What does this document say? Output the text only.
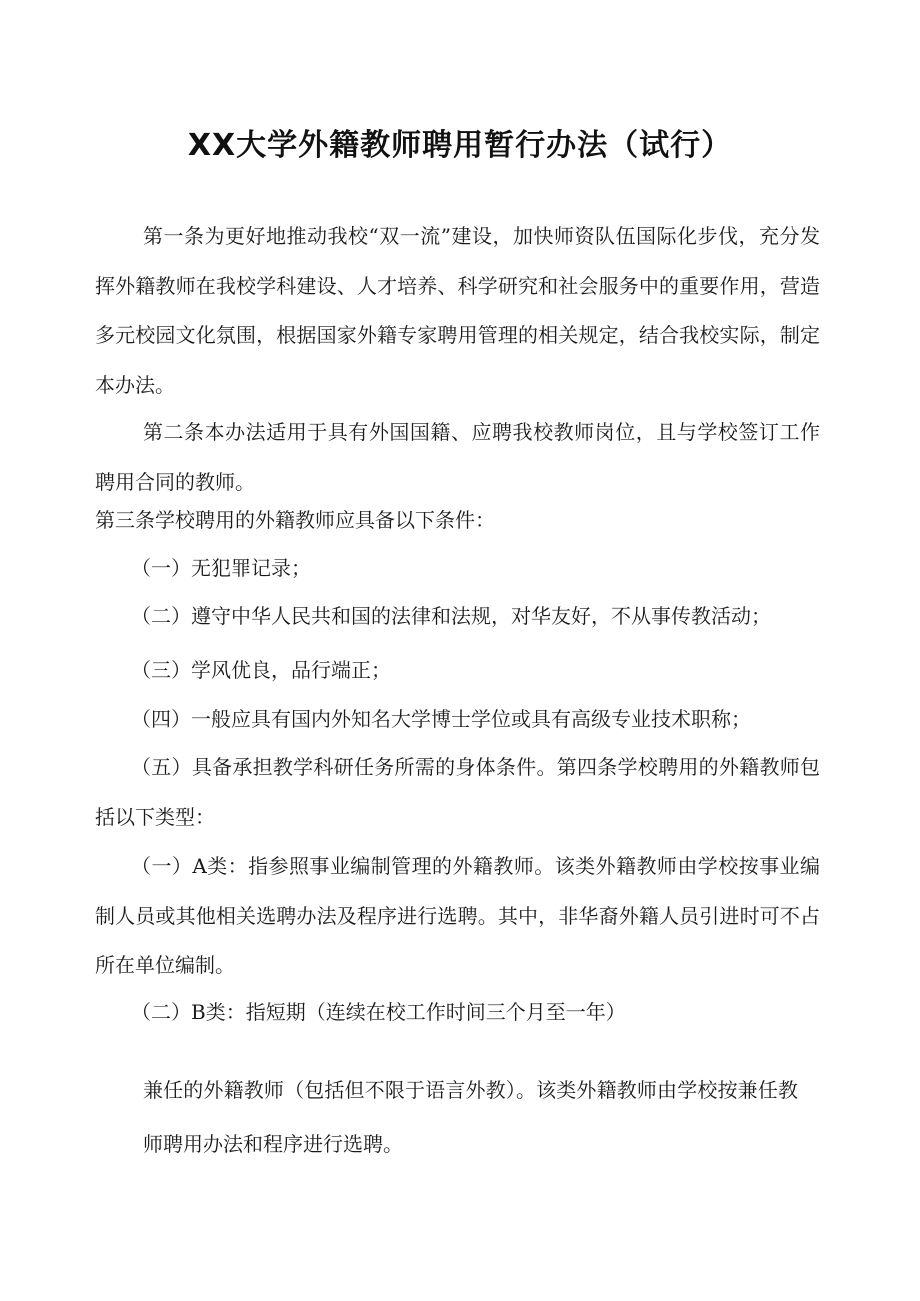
XX大学外籍教师聘用暂行办法（试行）

第一条为更好地推动我校“双一流”建设，加快师资队伍国际化步伐，充分发挥外籍教师在我校学科建设、人才培养、科学研究和社会服务中的重要作用，营造多元校园文化氛围，根据国家外籍专家聘用管理的相关规定，结合我校实际，制定本办法。

第二条本办法适用于具有外国国籍、应聘我校教师岗位，且与学校签订工作聘用合同的教师。

第三条学校聘用的外籍教师应具备以下条件：

（一）无犯罪记录；

（二）遵守中华人民共和国的法律和法规，对华友好，不从事传教活动；

（三）学风优良，品行端正；

（四）一般应具有国内外知名大学博士学位或具有高级专业技术职称；

（五）具备承担教学科研任务所需的身体条件。第四条学校聘用的外籍教师包括以下类型：

（一）A类：指参照事业编制管理的外籍教师。该类外籍教师由学校按事业编制人员或其他相关选聘办法及程序进行选聘。其中，非华裔外籍人员引进时可不占所在单位编制。

（二）B类：指短期（连续在校工作时间三个月至一年）

兼任的外籍教师（包括但不限于语言外教）。该类外籍教师由学校按兼任教师聘用办法和程序进行选聘。
